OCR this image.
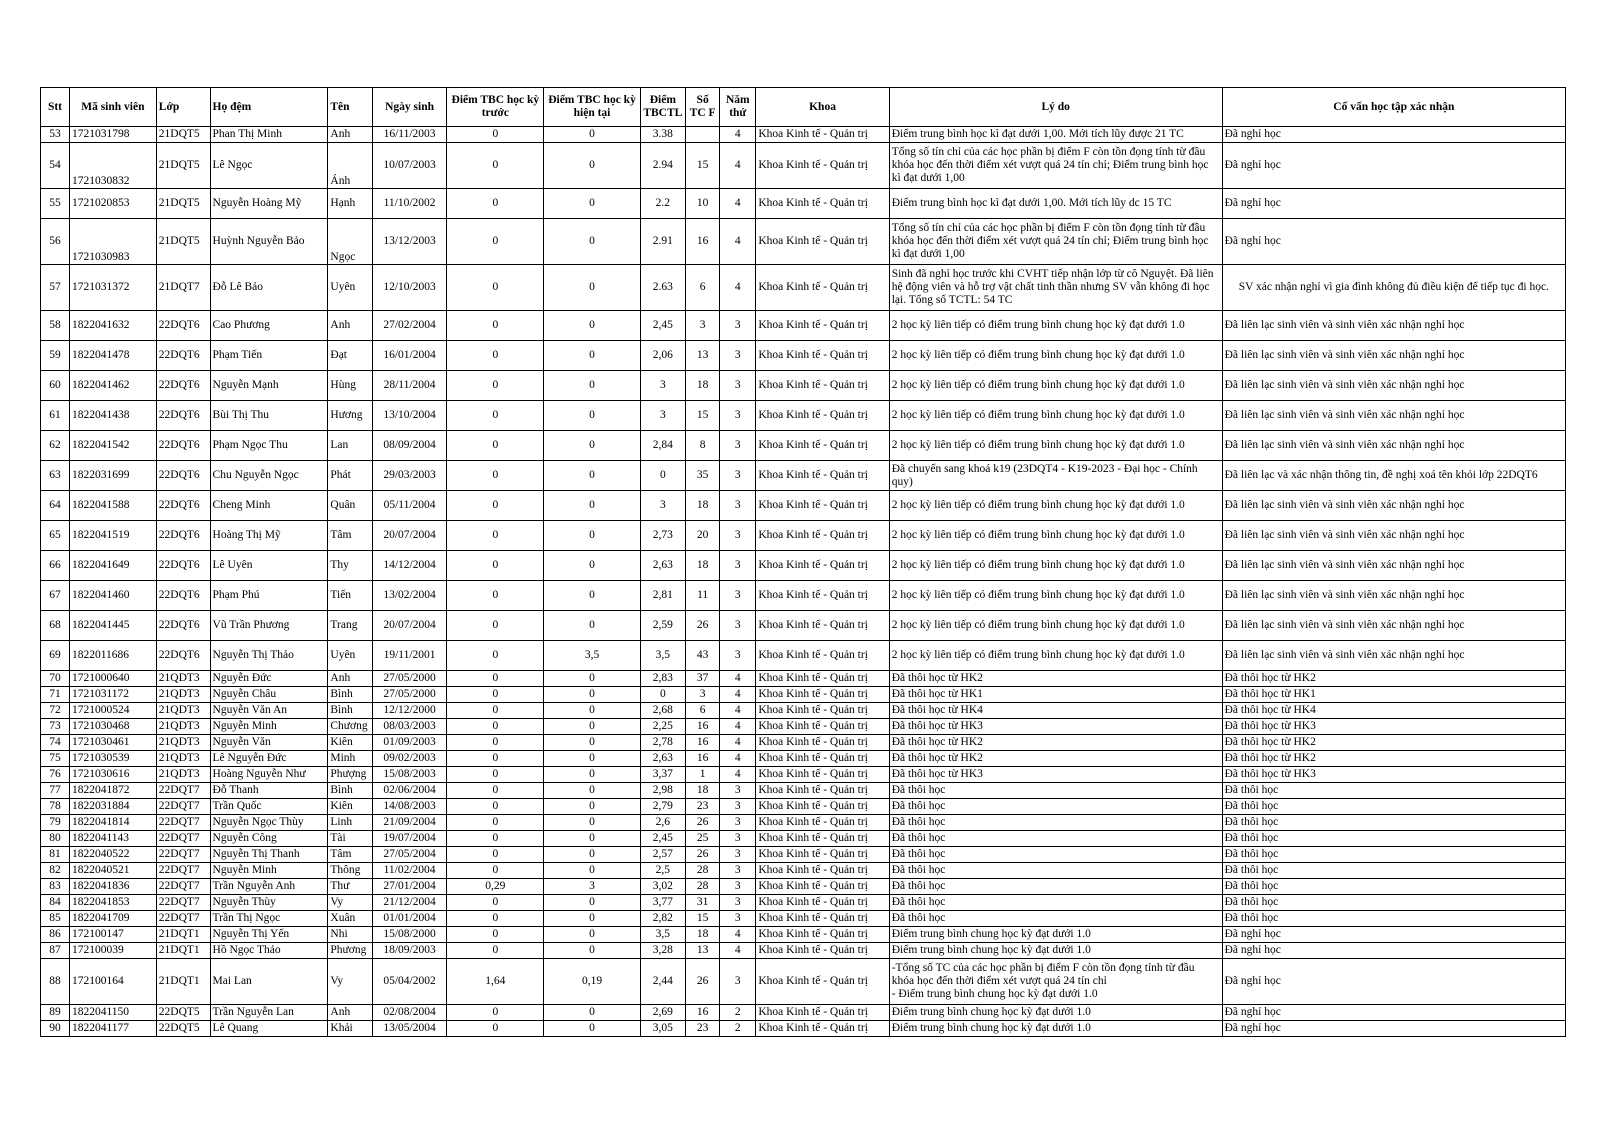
Stt	Mã sinh viên	Lớp	Họ đệm	Tên	Ngày sinh	Điểm TBC học kỳ trước	Điểm TBC học kỳ hiện tại	Điểm TBCTL	Số TC F	Năm thứ	Khoa	Lý do	Cố vấn học tập xác nhận
53	1721031798	21DQT5	Phan Thị Minh	Anh	16/11/2003	0	0	3.38		4	Khoa Kinh tế - Quản trị	Điểm trung bình học kì đạt dưới 1,00. Mới tích lũy được 21 TC	Đã nghỉ học
54	1721030832	21DQT5	Lê Ngọc	Ánh	10/07/2003	0	0	2.94	15	4	Khoa Kinh tế - Quản trị	Tổng số tín chỉ của các học phần bị điểm F còn tồn đọng tính từ đầu khóa học đến thời điểm xét vượt quá 24 tín chỉ; Điểm trung bình học kì đạt dưới 1,00	Đã nghỉ học
55	1721020853	21DQT5	Nguyễn Hoàng Mỹ	Hạnh	11/10/2002	0	0	2.2	10	4	Khoa Kinh tế - Quản trị	Điểm trung bình học kì đạt dưới 1,00. Mới tích lũy dc 15 TC	Đã nghỉ học
56	1721030983	21DQT5	Huỳnh Nguyễn Bảo	Ngọc	13/12/2003	0	0	2.91	16	4	Khoa Kinh tế - Quản trị	Tổng số tín chỉ của các học phần bị điểm F còn tồn đọng tính từ đầu khóa học đến thời điểm xét vượt quá 24 tín chỉ; Điểm trung bình học kì đạt dưới 1,00	Đã nghỉ học
57	1721031372	21DQT7	Đỗ Lê Bảo	Uyên	12/10/2003	0	0	2.63	6	4	Khoa Kinh tế - Quản trị	Sinh đã nghỉ học trước khi CVHT tiếp nhận lớp từ cô Nguyệt. Đã liên hệ động viên và hỗ trợ vật chất tinh thần nhưng SV vẫn không đi học lại. Tổng số TCTL: 54 TC	SV xác nhận nghỉ vì gia đình không đủ điều kiện để tiếp tục đi học.
58	1822041632	22DQT6	Cao Phương	Anh	27/02/2004	0	0	2,45	3	3	Khoa Kinh tế - Quản trị	2 học kỳ liên tiếp có điểm trung bình chung học kỳ đạt dưới 1.0	Đã liên lạc sinh viên và sinh viên xác nhận nghỉ học
59	1822041478	22DQT6	Phạm Tiến	Đạt	16/01/2004	0	0	2,06	13	3	Khoa Kinh tế - Quản trị	2 học kỳ liên tiếp có điểm trung bình chung học kỳ đạt dưới 1.0	Đã liên lạc sinh viên và sinh viên xác nhận nghỉ học
60	1822041462	22DQT6	Nguyễn Mạnh	Hùng	28/11/2004	0	0	3	18	3	Khoa Kinh tế - Quản trị	2 học kỳ liên tiếp có điểm trung bình chung học kỳ đạt dưới 1.0	Đã liên lạc sinh viên và sinh viên xác nhận nghỉ học
61	1822041438	22DQT6	Bùi Thị Thu	Hương	13/10/2004	0	0	3	15	3	Khoa Kinh tế - Quản trị	2 học kỳ liên tiếp có điểm trung bình chung học kỳ đạt dưới 1.0	Đã liên lạc sinh viên và sinh viên xác nhận nghỉ học
62	1822041542	22DQT6	Phạm Ngọc Thu	Lan	08/09/2004	0	0	2,84	8	3	Khoa Kinh tế - Quản trị	2 học kỳ liên tiếp có điểm trung bình chung học kỳ đạt dưới 1.0	Đã liên lạc sinh viên và sinh viên xác nhận nghỉ học
63	1822031699	22DQT6	Chu Nguyễn Ngọc	Phát	29/03/2003	0	0	0	35	3	Khoa Kinh tế - Quản trị	Đã chuyển sang khoá k19 (23DQT4 - K19-2023 - Đại học - Chính quy)	Đã liên lạc và xác nhận thông tin, đề nghị xoá tên khỏi lớp 22DQT6
64	1822041588	22DQT6	Cheng Minh	Quân	05/11/2004	0	0	3	18	3	Khoa Kinh tế - Quản trị	2 học kỳ liên tiếp có điểm trung bình chung học kỳ đạt dưới 1.0	Đã liên lạc sinh viên và sinh viên xác nhận nghỉ học
65	1822041519	22DQT6	Hoàng Thị Mỹ	Tâm	20/07/2004	0	0	2,73	20	3	Khoa Kinh tế - Quản trị	2 học kỳ liên tiếp có điểm trung bình chung học kỳ đạt dưới 1.0	Đã liên lạc sinh viên và sinh viên xác nhận nghỉ học
66	1822041649	22DQT6	Lê Uyên	Thy	14/12/2004	0	0	2,63	18	3	Khoa Kinh tế - Quản trị	2 học kỳ liên tiếp có điểm trung bình chung học kỳ đạt dưới 1.0	Đã liên lạc sinh viên và sinh viên xác nhận nghỉ học
67	1822041460	22DQT6	Phạm Phú	Tiến	13/02/2004	0	0	2,81	11	3	Khoa Kinh tế - Quản trị	2 học kỳ liên tiếp có điểm trung bình chung học kỳ đạt dưới 1.0	Đã liên lạc sinh viên và sinh viên xác nhận nghỉ học
68	1822041445	22DQT6	Vũ Trần Phương	Trang	20/07/2004	0	0	2,59	26	3	Khoa Kinh tế - Quản trị	2 học kỳ liên tiếp có điểm trung bình chung học kỳ đạt dưới 1.0	Đã liên lạc sinh viên và sinh viên xác nhận nghỉ học
69	1822011686	22DQT6	Nguyễn Thị Thảo	Uyên	19/11/2001	0	3,5	3,5	43	3	Khoa Kinh tế - Quản trị	2 học kỳ liên tiếp có điểm trung bình chung học kỳ đạt dưới 1.0	Đã liên lạc sinh viên và sinh viên xác nhận nghỉ học
70	1721000640	21QDT3	Nguyễn Đức	Anh	27/05/2000	0	0	2,83	37	4	Khoa Kinh tế - Quản trị	Đã thôi học từ HK2	Đã thôi học từ HK2
71	1721031172	21QDT3	Nguyễn Châu	Bình	27/05/2000	0	0	0	3	4	Khoa Kinh tế - Quản trị	Đã thôi học từ HK1	Đã thôi học từ HK1
72	1721000524	21QDT3	Nguyễn Văn An	Bình	12/12/2000	0	0	2,68	6	4	Khoa Kinh tế - Quản trị	Đã thôi học từ HK4	Đã thôi học từ HK4
73	1721030468	21QDT3	Nguyễn Minh	Chương	08/03/2003	0	0	2,25	16	4	Khoa Kinh tế - Quản trị	Đã thôi học từ HK3	Đã thôi học từ HK3
74	1721030461	21QDT3	Nguyễn Văn	Kiên	01/09/2003	0	0	2,78	16	4	Khoa Kinh tế - Quản trị	Đã thôi học từ HK2	Đã thôi học từ HK2
75	1721030539	21QDT3	Lê Nguyễn Đức	Minh	09/02/2003	0	0	2,63	16	4	Khoa Kinh tế - Quản trị	Đã thôi học từ HK2	Đã thôi học từ HK2
76	1721030616	21QDT3	Hoàng Nguyễn Như	Phượng	15/08/2003	0	0	3,37	1	4	Khoa Kinh tế - Quản trị	Đã thôi học từ HK3	Đã thôi học từ HK3
77	1822041872	22DQT7	Đỗ Thanh	Bình	02/06/2004	0	0	2,98	18	3	Khoa Kinh tế - Quản trị	Đã thôi học	Đã thôi học
78	1822031884	22DQT7	Trần Quốc	Kiên	14/08/2003	0	0	2,79	23	3	Khoa Kinh tế - Quản trị	Đã thôi học	Đã thôi học
79	1822041814	22DQT7	Nguyễn Ngọc Thùy	Linh	21/09/2004	0	0	2,6	26	3	Khoa Kinh tế - Quản trị	Đã thôi học	Đã thôi học
80	1822041143	22DQT7	Nguyễn Công	Tài	19/07/2004	0	0	2,45	25	3	Khoa Kinh tế - Quản trị	Đã thôi học	Đã thôi học
81	1822040522	22DQT7	Nguyễn Thị Thanh	Tâm	27/05/2004	0	0	2,57	26	3	Khoa Kinh tế - Quản trị	Đã thôi học	Đã thôi học
82	1822040521	22DQT7	Nguyễn Minh	Thông	11/02/2004	0	0	2,5	28	3	Khoa Kinh tế - Quản trị	Đã thôi học	Đã thôi học
83	1822041836	22DQT7	Trần Nguyễn Anh	Thư	27/01/2004	0,29	3	3,02	28	3	Khoa Kinh tế - Quản trị	Đã thôi học	Đã thôi học
84	1822041853	22DQT7	Nguyễn Thùy	Vy	21/12/2004	0	0	3,77	31	3	Khoa Kinh tế - Quản trị	Đã thôi học	Đã thôi học
85	1822041709	22DQT7	Trần Thị Ngọc	Xuân	01/01/2004	0	0	2,82	15	3	Khoa Kinh tế - Quản trị	Đã thôi học	Đã thôi học
86	172100147	21DQT1	Nguyễn Thị Yến	Nhi	15/08/2000	0	0	3,5	18	4	Khoa Kinh tế - Quản trị	Điểm trung bình chung học kỳ đạt dưới 1.0	Đã nghỉ học
87	172100039	21DQT1	Hồ Ngọc Thảo	Phương	18/09/2003	0	0	3,28	13	4	Khoa Kinh tế - Quản trị	Điểm trung bình chung học kỳ đạt dưới 1.0	Đã nghỉ học
88	172100164	21DQT1	Mai Lan	Vy	05/04/2002	1,64	0,19	2,44	26	3	Khoa Kinh tế - Quản trị	-Tổng số TC của các học phần bị điểm F còn tồn đọng tính từ đầu khóa học đến thời điểm xét vượt quá 24 tín chỉ
- Điểm trung bình chung học kỳ đạt dưới 1.0	Đã nghỉ học
89	1822041150	22DQT5	Trần Nguyễn Lan	Anh	02/08/2004	0	0	2,69	16	2	Khoa Kinh tế - Quản trị	Điểm trung bình chung học kỳ đạt dưới 1.0	Đã nghỉ học
90	1822041177	22DQT5	Lê Quang	Khải	13/05/2004	0	0	3,05	23	2	Khoa Kinh tế - Quản trị	Điểm trung bình chung học kỳ đạt dưới 1.0	Đã nghỉ học
